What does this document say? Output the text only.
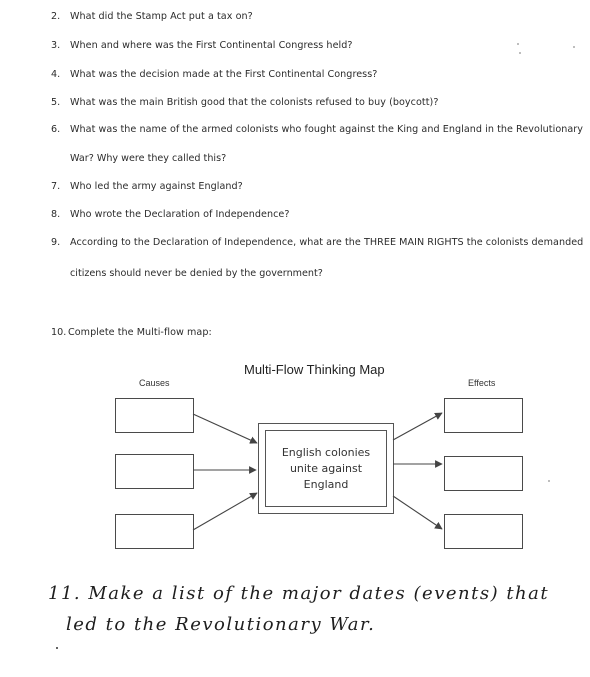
2. What did the Stamp Act put a tax on?
3. When and where was the First Continental Congress held?
4. What was the decision made at the First Continental Congress?
5. What was the main British good that the colonists refused to buy (boycott)?
6. What was the name of the armed colonists who fought against the King and England in the Revolutionary
War? Why were they called this?
7. Who led the army against England?
8. Who wrote the Declaration of Independence?
9. According to the Declaration of Independence, what are the THREE MAIN RIGHTS the colonists demanded
citizens should never be denied by the government?
10. Complete the Multi-flow map:
Multi-Flow Thinking Map
Causes	Effects
English colonies
unite against
England
11. Make a list of the major dates (events) that
led to the Revolutionary War.
